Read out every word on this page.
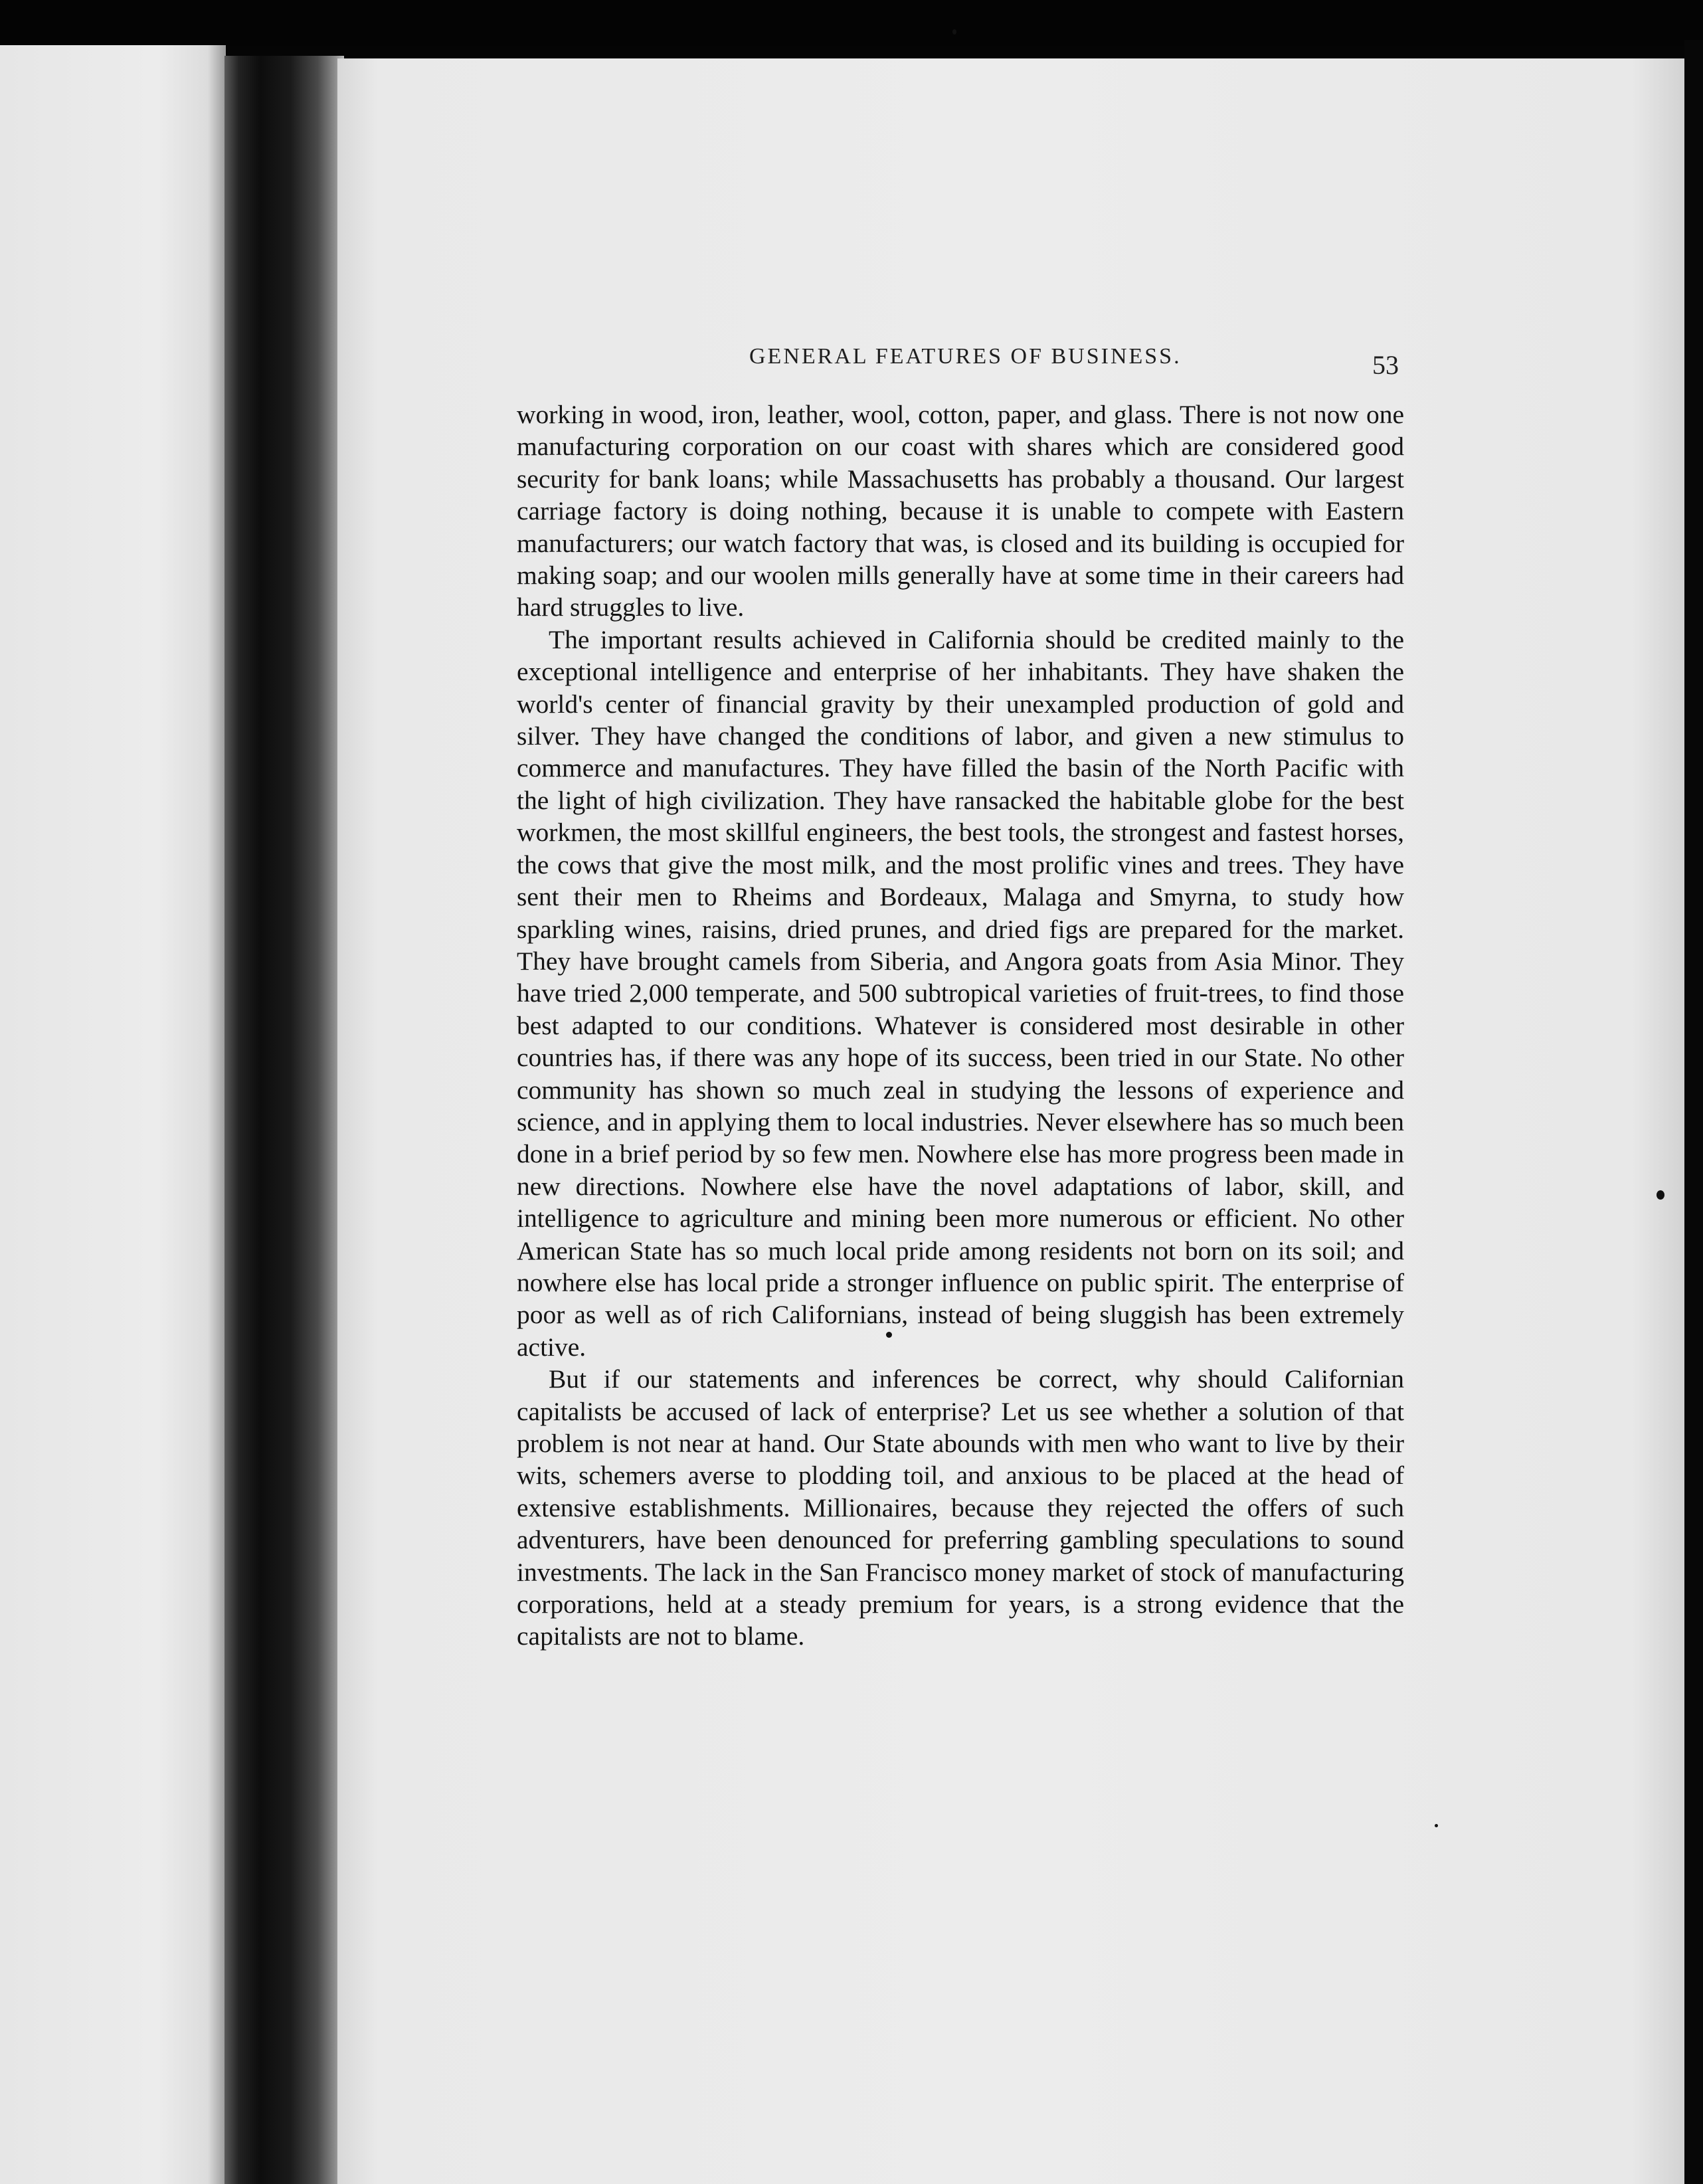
GENERAL FEATURES OF BUSINESS.	53

working in wood, iron, leather, wool, cotton, paper, and glass. There is not now one manufacturing corporation on our coast with shares which are considered good security for bank loans; while Massachusetts has probably a thousand. Our largest carriage factory is doing nothing, because it is unable to compete with Eastern manufacturers; our watch factory that was, is closed and its building is occupied for making soap; and our woolen mills generally have at some time in their careers had hard struggles to live.

The important results achieved in California should be credited mainly to the exceptional intelligence and enterprise of her inhabitants. They have shaken the world's center of financial gravity by their unexampled production of gold and silver. They have changed the conditions of labor, and given a new stimulus to commerce and manufactures. They have filled the basin of the North Pacific with the light of high civilization. They have ransacked the habitable globe for the best workmen, the most skillful engineers, the best tools, the strongest and fastest horses, the cows that give the most milk, and the most prolific vines and trees. They have sent their men to Rheims and Bordeaux, Malaga and Smyrna, to study how sparkling wines, raisins, dried prunes, and dried figs are prepared for the market. They have brought camels from Siberia, and Angora goats from Asia Minor. They have tried 2,000 temperate, and 500 subtropical varieties of fruit-trees, to find those best adapted to our conditions. Whatever is considered most desirable in other countries has, if there was any hope of its success, been tried in our State. No other community has shown so much zeal in studying the lessons of experience and science, and in applying them to local industries. Never elsewhere has so much been done in a brief period by so few men. Nowhere else has more progress been made in new directions. Nowhere else have the novel adaptations of labor, skill, and intelligence to agriculture and mining been more numerous or efficient. No other American State has so much local pride among residents not born on its soil; and nowhere else has local pride a stronger influence on public spirit. The enterprise of poor as well as of rich Californians, instead of being sluggish has been extremely active.

But if our statements and inferences be correct, why should Californian capitalists be accused of lack of enterprise? Let us see whether a solution of that problem is not near at hand. Our State abounds with men who want to live by their wits, schemers averse to plodding toil, and anxious to be placed at the head of extensive establishments. Millionaires, because they rejected the offers of such adventurers, have been denounced for preferring gambling speculations to sound investments. The lack in the San Francisco money market of stock of manufacturing corporations, held at a steady premium for years, is a strong evidence that the capitalists are not to blame.
